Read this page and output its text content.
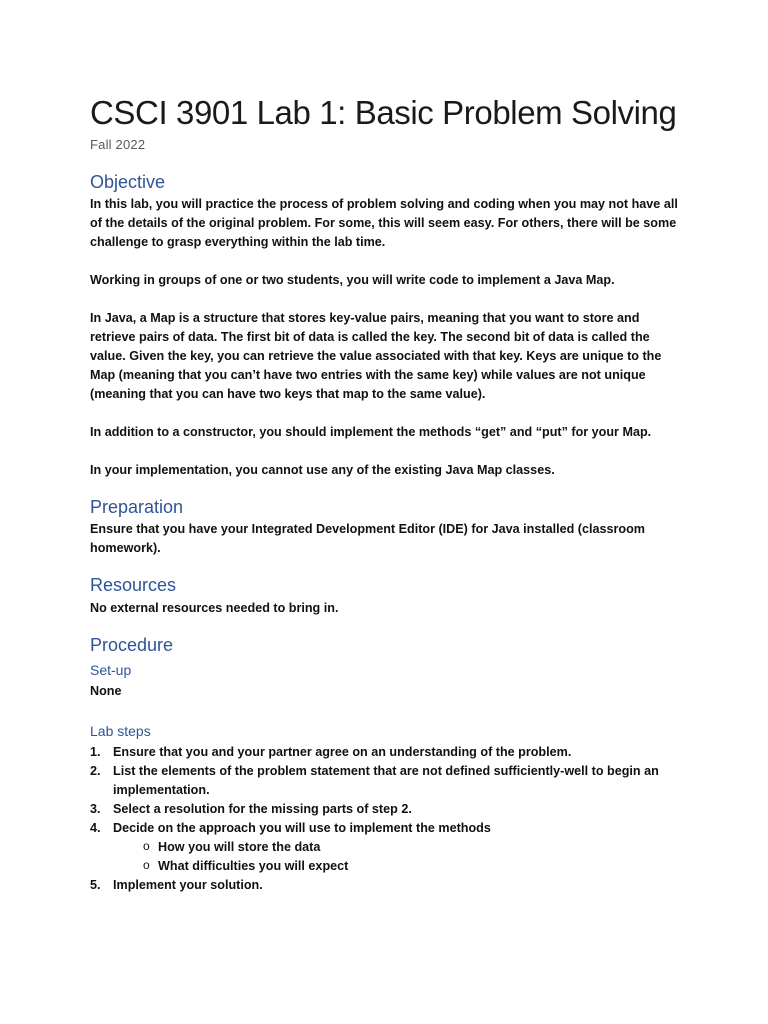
CSCI 3901 Lab 1: Basic Problem Solving
Fall 2022
Objective
In this lab, you will practice the process of problem solving and coding when you may not have all of the details of the original problem. For some, this will seem easy. For others, there will be some challenge to grasp everything within the lab time.
Working in groups of one or two students, you will write code to implement a Java Map.
In Java, a Map is a structure that stores key-value pairs, meaning that you want to store and retrieve pairs of data. The first bit of data is called the key. The second bit of data is called the value. Given the key, you can retrieve the value associated with that key. Keys are unique to the Map (meaning that you can’t have two entries with the same key) while values are not unique (meaning that you can have two keys that map to the same value).
In addition to a constructor, you should implement the methods “get” and “put” for your Map.
In your implementation, you cannot use any of the existing Java Map classes.
Preparation
Ensure that you have your Integrated Development Editor (IDE) for Java installed (classroom homework).
Resources
No external resources needed to bring in.
Procedure
Set-up
None
Lab steps
1. Ensure that you and your partner agree on an understanding of the problem.
2. List the elements of the problem statement that are not defined sufficiently-well to begin an implementation.
3. Select a resolution for the missing parts of step 2.
4. Decide on the approach you will use to implement the methods
o How you will store the data
o What difficulties you will expect
5. Implement your solution.
